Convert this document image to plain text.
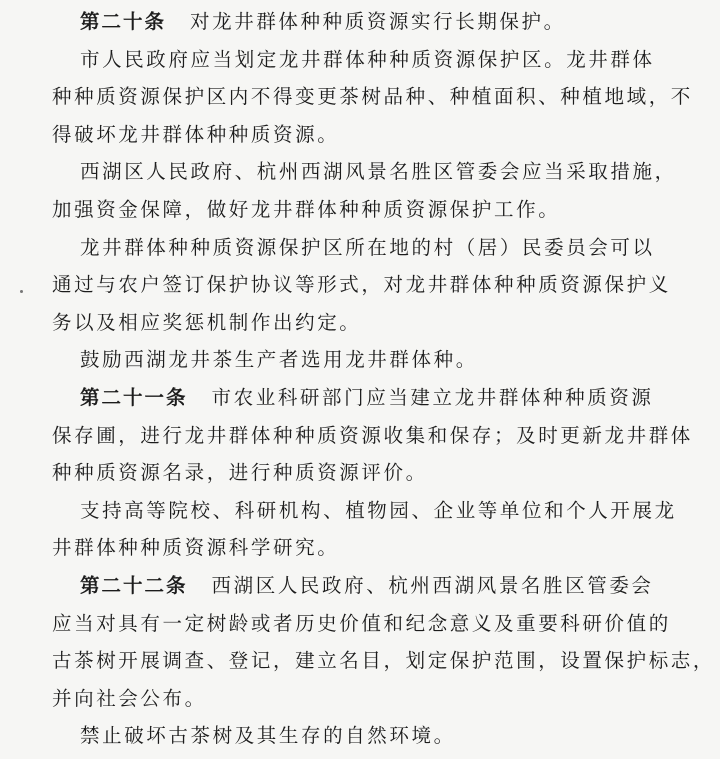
第二十条 对龙井群体种种质资源实行长期保护。
市人民政府应当划定龙井群体种种质资源保护区。龙井群体
种种质资源保护区内不得变更茶树品种、种植面积、种植地域，不
得破坏龙井群体种种质资源。
西湖区人民政府、杭州西湖风景名胜区管委会应当采取措施，
加强资金保障，做好龙井群体种种质资源保护工作。
龙井群体种种质资源保护区所在地的村（居）民委员会可以
通过与农户签订保护协议等形式，对龙井群体种种质资源保护义
务以及相应奖惩机制作出约定。
鼓励西湖龙井茶生产者选用龙井群体种。
第二十一条 市农业科研部门应当建立龙井群体种种质资源
保存圃，进行龙井群体种种质资源收集和保存；及时更新龙井群体
种种质资源名录，进行种质资源评价。
支持高等院校、科研机构、植物园、企业等单位和个人开展龙
井群体种种质资源科学研究。
第二十二条 西湖区人民政府、杭州西湖风景名胜区管委会
应当对具有一定树龄或者历史价值和纪念意义及重要科研价值的
古茶树开展调查、登记，建立名目，划定保护范围，设置保护标志，
并向社会公布。
禁止破坏古茶树及其生存的自然环境。
